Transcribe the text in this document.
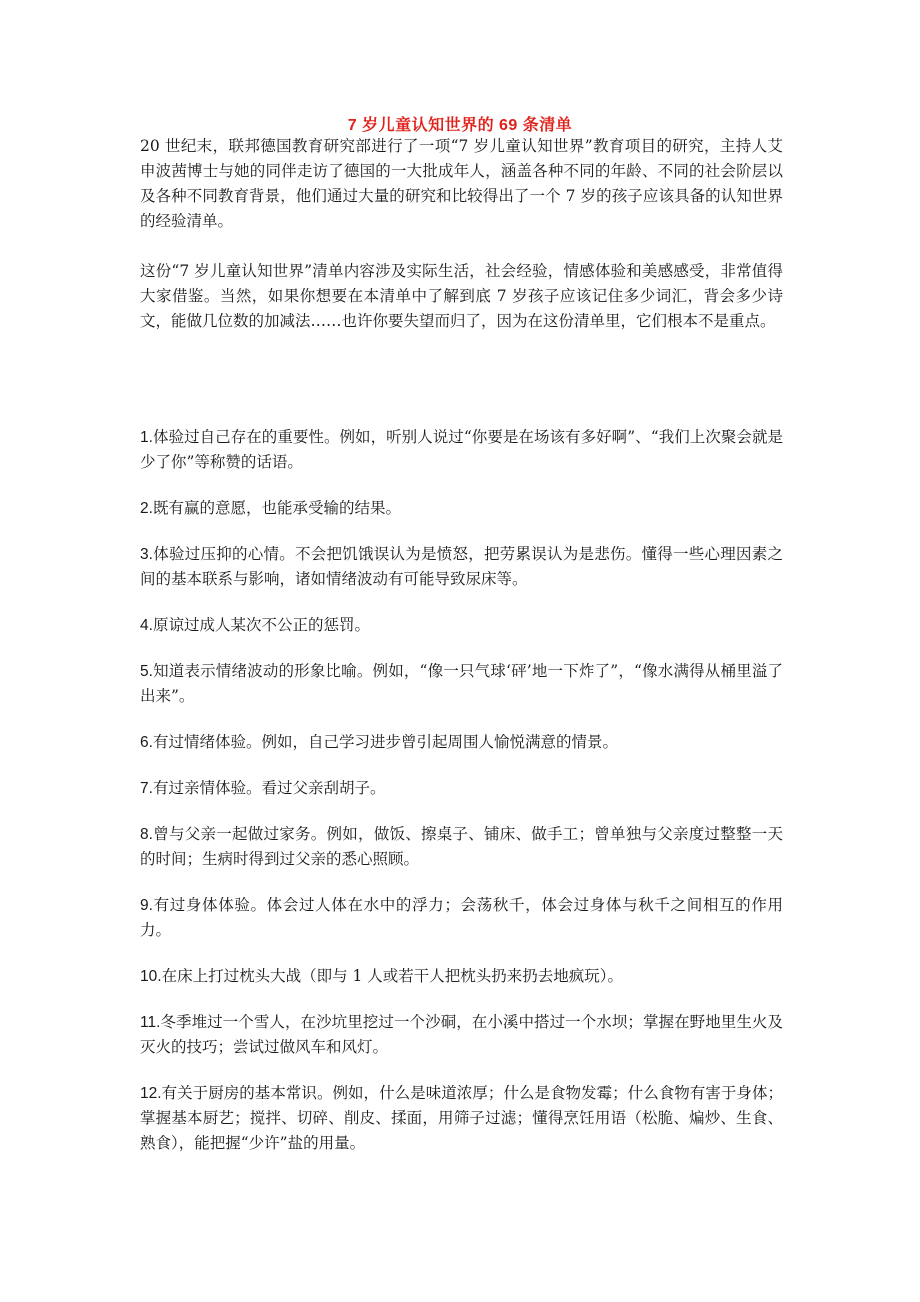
7 岁儿童认知世界的 69 条清单

20 世纪末，联邦德国教育研究部进行了一项“7 岁儿童认知世界”教育项目的研究，主持人艾申波茜博士与她的同伴走访了德国的一大批成年人，涵盖各种不同的年龄、不同的社会阶层以及各种不同教育背景，他们通过大量的研究和比较得出了一个 7 岁的孩子应该具备的认知世界的经验清单。

这份“7 岁儿童认知世界”清单内容涉及实际生活，社会经验，情感体验和美感感受，非常值得大家借鉴。当然，如果你想要在本清单中了解到底 7 岁孩子应该记住多少词汇，背会多少诗文，能做几位数的加减法……也许你要失望而归了，因为在这份清单里，它们根本不是重点。

1.体验过自己存在的重要性。例如，听别人说过“你要是在场该有多好啊”、“我们上次聚会就是少了你”等称赞的话语。
2.既有赢的意愿，也能承受输的结果。
3.体验过压抑的心情。不会把饥饿误认为是愤怒，把劳累误认为是悲伤。懂得一些心理因素之间的基本联系与影响，诸如情绪波动有可能导致尿床等。
4.原谅过成人某次不公正的惩罚。
5.知道表示情绪波动的形象比喻。例如，“像一只气球‘砰’地一下炸了”，“像水满得从桶里溢了出来”。
6.有过情绪体验。例如，自己学习进步曾引起周围人愉悦满意的情景。
7.有过亲情体验。看过父亲刮胡子。
8.曾与父亲一起做过家务。例如，做饭、擦桌子、铺床、做手工；曾单独与父亲度过整整一天的时间；生病时得到过父亲的悉心照顾。
9.有过身体体验。体会过人体在水中的浮力；会荡秋千，体会过身体与秋千之间相互的作用力。
10.在床上打过枕头大战（即与 1 人或若干人把枕头扔来扔去地疯玩）。
11.冬季堆过一个雪人，在沙坑里挖过一个沙硐，在小溪中搭过一个水坝；掌握在野地里生火及灭火的技巧；尝试过做风车和风灯。
12.有关于厨房的基本常识。例如，什么是味道浓厚；什么是食物发霉；什么食物有害于身体；掌握基本厨艺；搅拌、切碎、削皮、揉面，用筛子过滤；懂得烹饪用语（松脆、煸炒、生食、熟食），能把握“少许”盐的用量。
